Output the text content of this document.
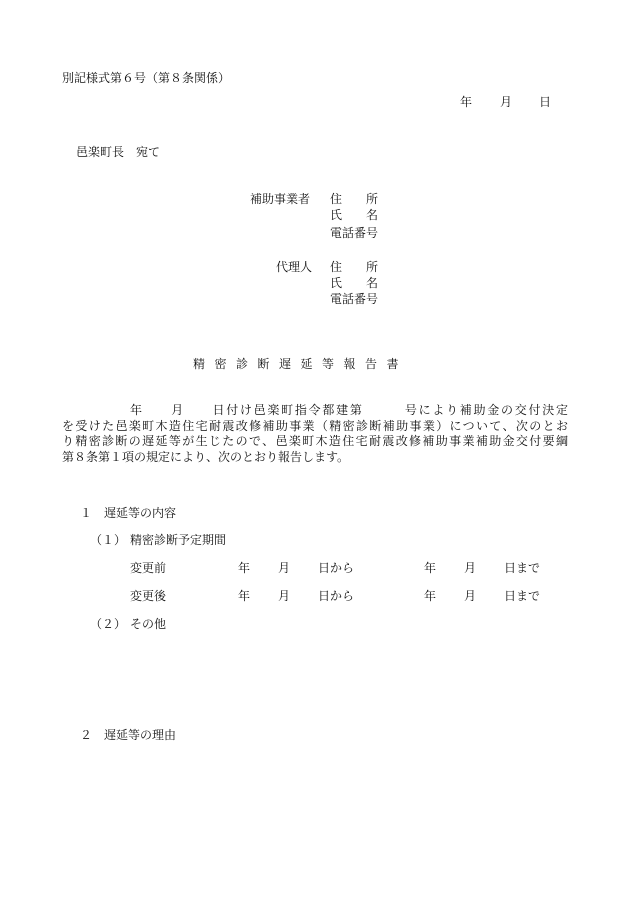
別記様式第６号（第８条関係）
年 月 日
邑楽町長　宛て
補助事業者 住　　所
氏　　名
電話番号
代理人 住　　所
氏　　名
電話番号
精密診断遅延等報告書
年　　月　　日付け邑楽町指令都建第　　　号により補助金の交付決定
を受けた邑楽町木造住宅耐震改修補助事業（精密診断補助事業）について、次のとお
り精密診断の遅延等が生じたので、邑楽町木造住宅耐震改修補助事業補助金交付要綱
第８条第１項の規定により、次のとおり報告します。
１ 遅延等の内容
（１） 精密診断予定期間
変更前	年 月 日から	年 月 日まで
変更後	年 月 日から	年 月 日まで
（２） その他
２ 遅延等の理由
